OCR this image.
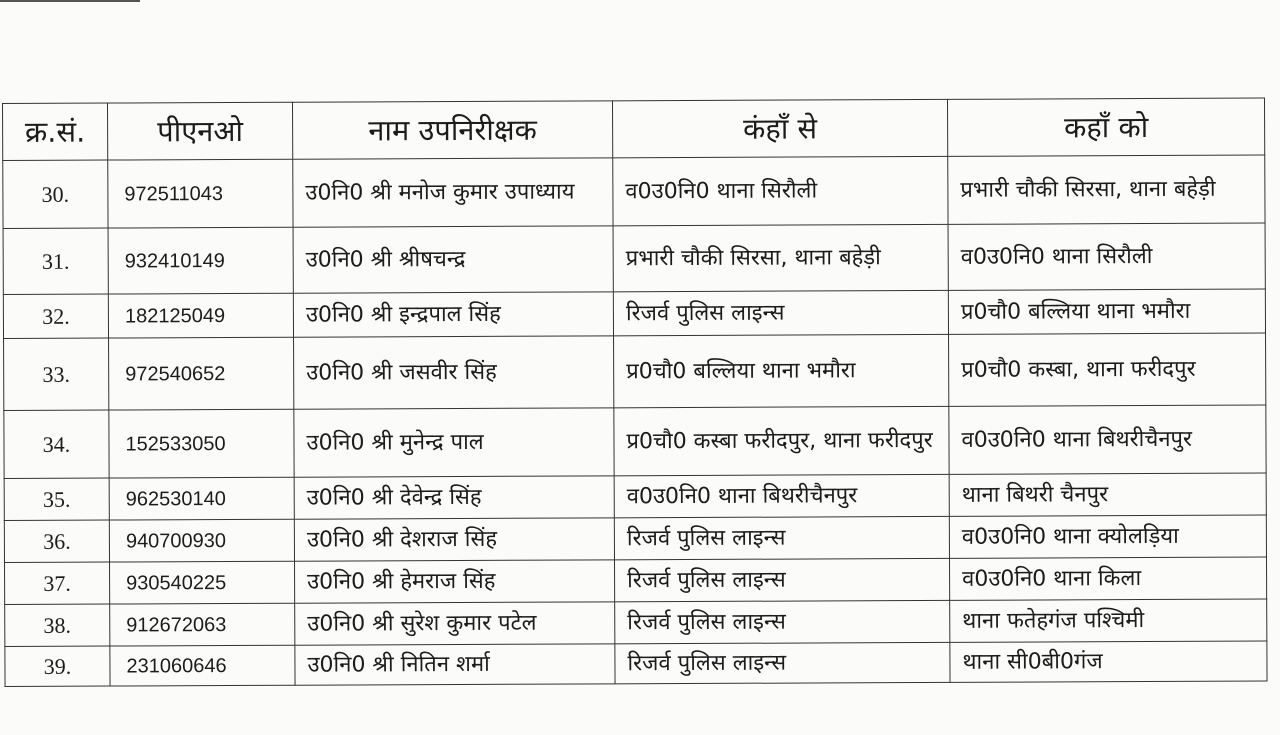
क्र.सं.	पीएनओ	नाम उपनिरीक्षक	कंहाँ से	कहाँ को
30.	972511043	उ0नि0 श्री मनोज कुमार उपाध्याय	व0उ0नि0 थाना सिरौली	प्रभारी चौकी सिरसा, थाना बहेड़ी
31.	932410149	उ0नि0 श्री श्रीषचन्द्र	प्रभारी चौकी सिरसा, थाना बहेड़ी	व0उ0नि0 थाना सिरौली
32.	182125049	उ0नि0 श्री इन्द्रपाल सिंह	रिजर्व पुलिस लाइन्स	प्र0चौ0 बल्लिया थाना भमौरा
33.	972540652	उ0नि0 श्री जसवीर सिंह	प्र0चौ0 बल्लिया थाना भमौरा	प्र0चौ0 कस्बा, थाना फरीदपुर
34.	152533050	उ0नि0 श्री मुनेन्द्र पाल	प्र0चौ0 कस्बा फरीदपुर, थाना फरीदपुर	व0उ0नि0 थाना बिथरीचैनपुर
35.	962530140	उ0नि0 श्री देवेन्द्र सिंह	व0उ0नि0 थाना बिथरीचैनपुर	थाना बिथरी चैनपुर
36.	940700930	उ0नि0 श्री देशराज सिंह	रिजर्व पुलिस लाइन्स	व0उ0नि0 थाना क्योलड़िया
37.	930540225	उ0नि0 श्री हेमराज सिंह	रिजर्व पुलिस लाइन्स	व0उ0नि0 थाना किला
38.	912672063	उ0नि0 श्री सुरेश कुमार पटेल	रिजर्व पुलिस लाइन्स	थाना फतेहगंज पश्चिमी
39.	231060646	उ0नि0 श्री नितिन शर्मा	रिजर्व पुलिस लाइन्स	थाना सी0बी0गंज
